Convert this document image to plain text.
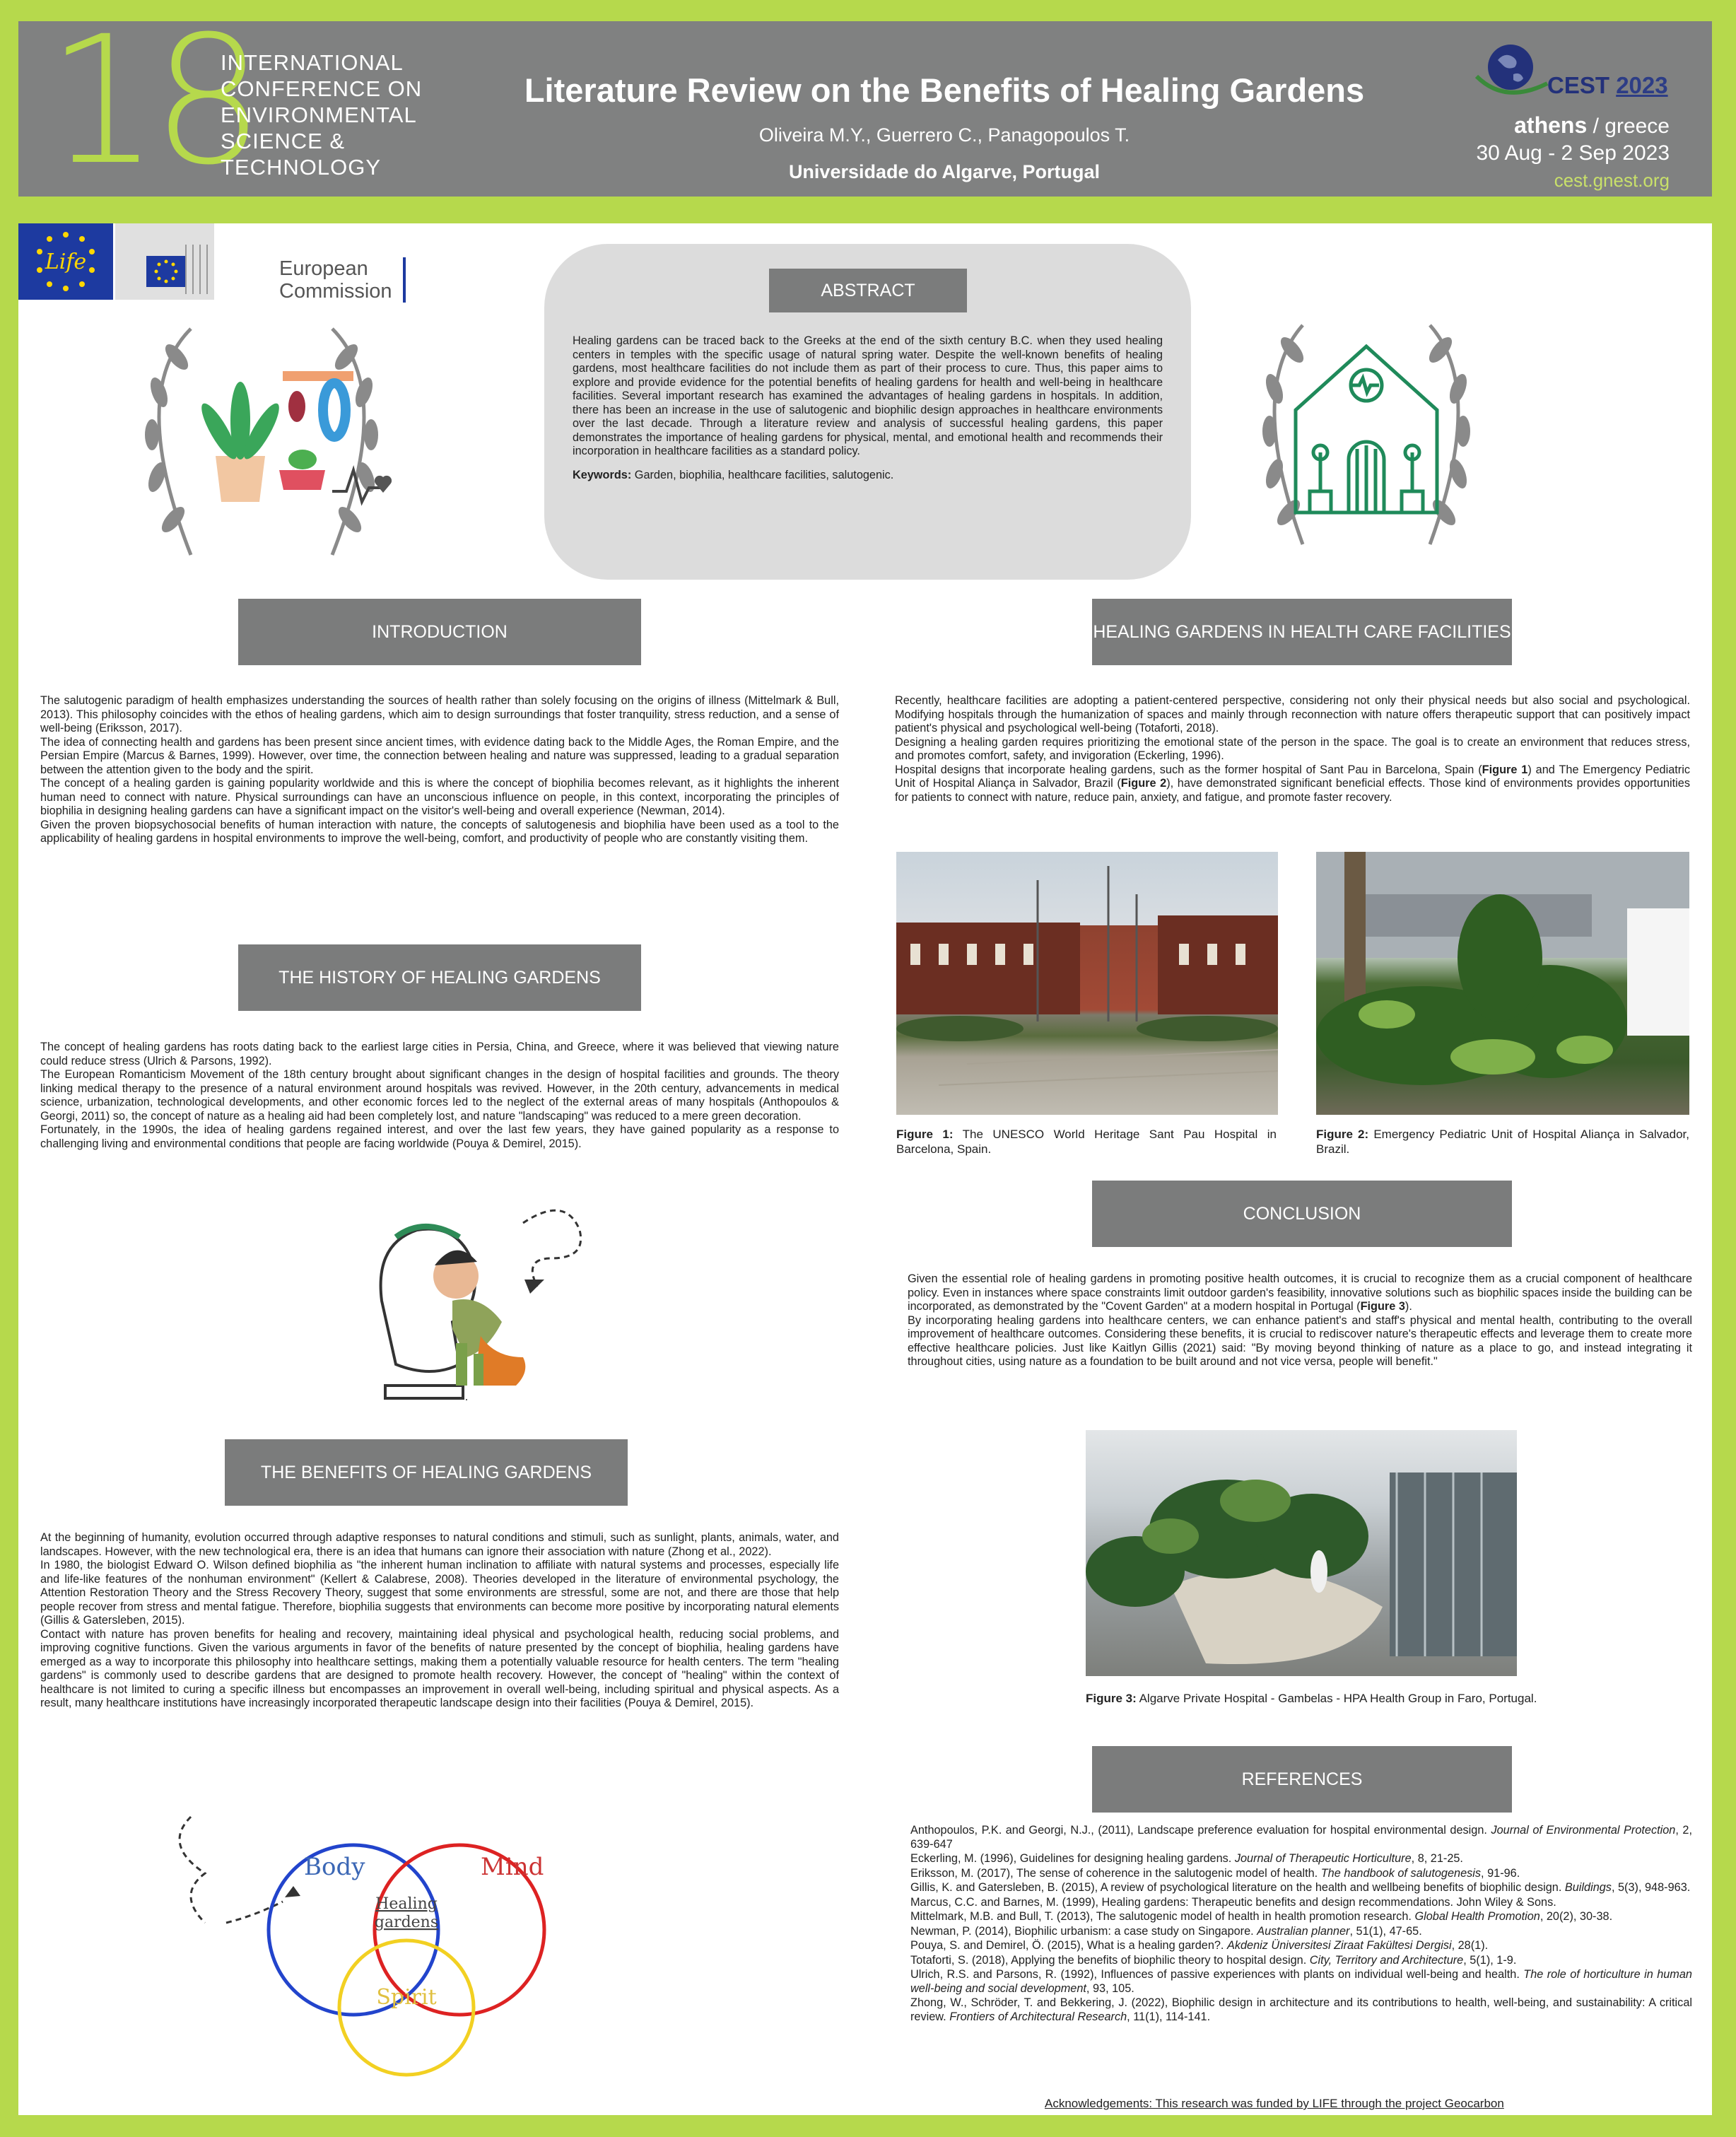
18
INTERNATIONAL
CONFERENCE ON
ENVIRONMENTAL
SCIENCE &
TECHNOLOGY
Literature Review on the Benefits of Healing Gardens
Oliveira M.Y., Guerrero C., Panagopoulos T.
Universidade do Algarve, Portugal
CEST 2023
athens / greece
30 Aug - 2 Sep 2023
cest.gnest.org
Life	European Commission	ABSTRACT

Healing gardens can be traced back to the Greeks at the end of the sixth century B.C. when they used healing centers in temples with the specific usage of natural spring water. Despite the well-known benefits of healing gardens, most healthcare facilities do not include them as part of their process to cure. Thus, this paper aims to explore and provide evidence for the potential benefits of healing gardens for health and well-being in healthcare facilities. Several important research has examined the advantages of healing gardens in hospitals. In addition, there has been an increase in the use of salutogenic and biophilic design approaches in healthcare environments over the last decade. Through a literature review and analysis of successful healing gardens, this paper demonstrates the importance of healing gardens for physical, mental, and emotional health and recommends their incorporation in healthcare facilities as a standard policy.

Keywords: Garden, biophilia, healthcare facilities, salutogenic.

INTRODUCTION

The salutogenic paradigm of health emphasizes understanding the sources of health rather than solely focusing on the origins of illness (Mittelmark & Bull, 2013). This philosophy coincides with the ethos of healing gardens, which aim to design surroundings that foster tranquility, stress reduction, and a sense of well-being (Eriksson, 2017).

The idea of connecting health and gardens has been present since ancient times, with evidence dating back to the Middle Ages, the Roman Empire, and the Persian Empire (Marcus & Barnes, 1999). However, over time, the connection between healing and nature was suppressed, leading to a gradual separation between the attention given to the body and the spirit.

The concept of a healing garden is gaining popularity worldwide and this is where the concept of biophilia becomes relevant, as it highlights the inherent human need to connect with nature. Physical surroundings can have an unconscious influence on people, in this context, incorporating the principles of biophilia in designing healing gardens can have a significant impact on the visitor's well-being and overall experience (Newman, 2014).

Given the proven biopsychosocial benefits of human interaction with nature, the concepts of salutogenesis and biophilia have been used as a tool to the applicability of healing gardens in hospital environments to improve the well-being, comfort, and productivity of people who are constantly visiting them.

THE HISTORY OF HEALING GARDENS

The concept of healing gardens has roots dating back to the earliest large cities in Persia, China, and Greece, where it was believed that viewing nature could reduce stress (Ulrich & Parsons, 1992).

The European Romanticism Movement of the 18th century brought about significant changes in the design of hospital facilities and grounds. The theory linking medical therapy to the presence of a natural environment around hospitals was revived. However, in the 20th century, advancements in medical science, urbanization, technological developments, and other economic forces led to the neglect of the external areas of many hospitals (Anthopoulos & Georgi, 2011) so, the concept of nature as a healing aid had been completely lost, and nature "landscaping" was reduced to a mere green decoration.

Fortunately, in the 1990s, the idea of healing gardens regained interest, and over the last few years, they have gained popularity as a response to challenging living and environmental conditions that people are facing worldwide (Pouya & Demirel, 2015).

THE BENEFITS OF HEALING GARDENS

At the beginning of humanity, evolution occurred through adaptive responses to natural conditions and stimuli, such as sunlight, plants, animals, water, and landscapes. However, with the new technological era, there is an idea that humans can ignore their association with nature (Zhong et al., 2022).

In 1980, the biologist Edward O. Wilson defined biophilia as "the inherent human inclination to affiliate with natural systems and processes, especially life and life-like features of the nonhuman environment" (Kellert & Calabrese, 2008). Theories developed in the literature of environmental psychology, the Attention Restoration Theory and the Stress Recovery Theory, suggest that some environments are stressful, some are not, and there are those that help people recover from stress and mental fatigue. Therefore, biophilia suggests that environments can become more positive by incorporating natural elements (Gillis & Gatersleben, 2015).

Contact with nature has proven benefits for healing and recovery, maintaining ideal physical and psychological health, reducing social problems, and improving cognitive functions. Given the various arguments in favor of the benefits of nature presented by the concept of biophilia, healing gardens have emerged as a way to incorporate this philosophy into healthcare settings, making them a potentially valuable resource for health centers. The term "healing gardens" is commonly used to describe gardens that are designed to promote health recovery. However, the concept of "healing" within the context of healthcare is not limited to curing a specific illness but encompasses an improvement in overall well-being, including spiritual and physical aspects. As a result, many healthcare institutions have increasingly incorporated therapeutic landscape design into their facilities (Pouya & Demirel, 2015).

Body	Mind
Spirit
Healing
gardens
HEALING GARDENS IN HEALTH CARE FACILITIES

Recently, healthcare facilities are adopting a patient-centered perspective, considering not only their physical needs but also social and psychological. Modifying hospitals through the humanization of spaces and mainly through reconnection with nature offers therapeutic support that can positively impact patient's physical and psychological well-being (Totaforti, 2018).

Designing a healing garden requires prioritizing the emotional state of the person in the space. The goal is to create an environment that reduces stress, and promotes comfort, safety, and invigoration (Eckerling, 1996).

Hospital designs that incorporate healing gardens, such as the former hospital of Sant Pau in Barcelona, Spain (Figure 1) and The Emergency Pediatric Unit of Hospital Aliança in Salvador, Brazil (Figure 2), have demonstrated significant beneficial effects. Those kind of environments provides opportunities for patients to connect with nature, reduce pain, anxiety, and fatigue, and promote faster recovery.

Figure 1: The UNESCO World Heritage Sant Pau Hospital in Barcelona, Spain.
Figure 2: Emergency Pediatric Unit of Hospital Aliança in Salvador, Brazil.
CONCLUSION

Given the essential role of healing gardens in promoting positive health outcomes, it is crucial to recognize them as a crucial component of healthcare policy. Even in instances where space constraints limit outdoor garden's feasibility, innovative solutions such as biophilic spaces inside the building can be incorporated, as demonstrated by the "Covent Garden" at a modern hospital in Portugal (Figure 3).

By incorporating healing gardens into healthcare centers, we can enhance patient's and staff's physical and mental health, contributing to the overall improvement of healthcare outcomes. Considering these benefits, it is crucial to rediscover nature's therapeutic effects and leverage them to create more effective healthcare policies. Just like Kaitlyn Gillis (2021) said: "By moving beyond thinking of nature as a place to go, and instead integrating it throughout cities, using nature as a foundation to be built around and not vice versa, people will benefit."

Figure 3: Algarve Private Hospital - Gambelas - HPA Health Group in Faro, Portugal.
REFERENCES

Anthopoulos, P.K. and Georgi, N.J., (2011), Landscape preference evaluation for hospital environmental design. Journal of Environmental Protection, 2, 639-647

Eckerling, M. (1996), Guidelines for designing healing gardens. Journal of Therapeutic Horticulture, 8, 21-25.

Eriksson, M. (2017), The sense of coherence in the salutogenic model of health. The handbook of salutogenesis, 91-96.

Gillis, K. and Gatersleben, B. (2015), A review of psychological literature on the health and wellbeing benefits of biophilic design. Buildings, 5(3), 948-963.

Marcus, C.C. and Barnes, M. (1999), Healing gardens: Therapeutic benefits and design recommendations. John Wiley & Sons.

Mittelmark, M.B. and Bull, T. (2013), The salutogenic model of health in health promotion research. Global Health Promotion, 20(2), 30-38.

Newman, P. (2014), Biophilic urbanism: a case study on Singapore. Australian planner, 51(1), 47-65.

Pouya, S. and Demirel, Ö. (2015), What is a healing garden?. Akdeniz Üniversitesi Ziraat Fakültesi Dergisi, 28(1).

Totaforti, S. (2018), Applying the benefits of biophilic theory to hospital design. City, Territory and Architecture, 5(1), 1-9.

Ulrich, R.S. and Parsons, R. (1992), Influences of passive experiences with plants on individual well-being and health. The role of horticulture in human well-being and social development, 93, 105.

Zhong, W., Schröder, T. and Bekkering, J. (2022), Biophilic design in architecture and its contributions to health, well-being, and sustainability: A critical review. Frontiers of Architectural Research, 11(1), 114-141.

Acknowledgements: This research was funded by LIFE through the project Geocarbon
